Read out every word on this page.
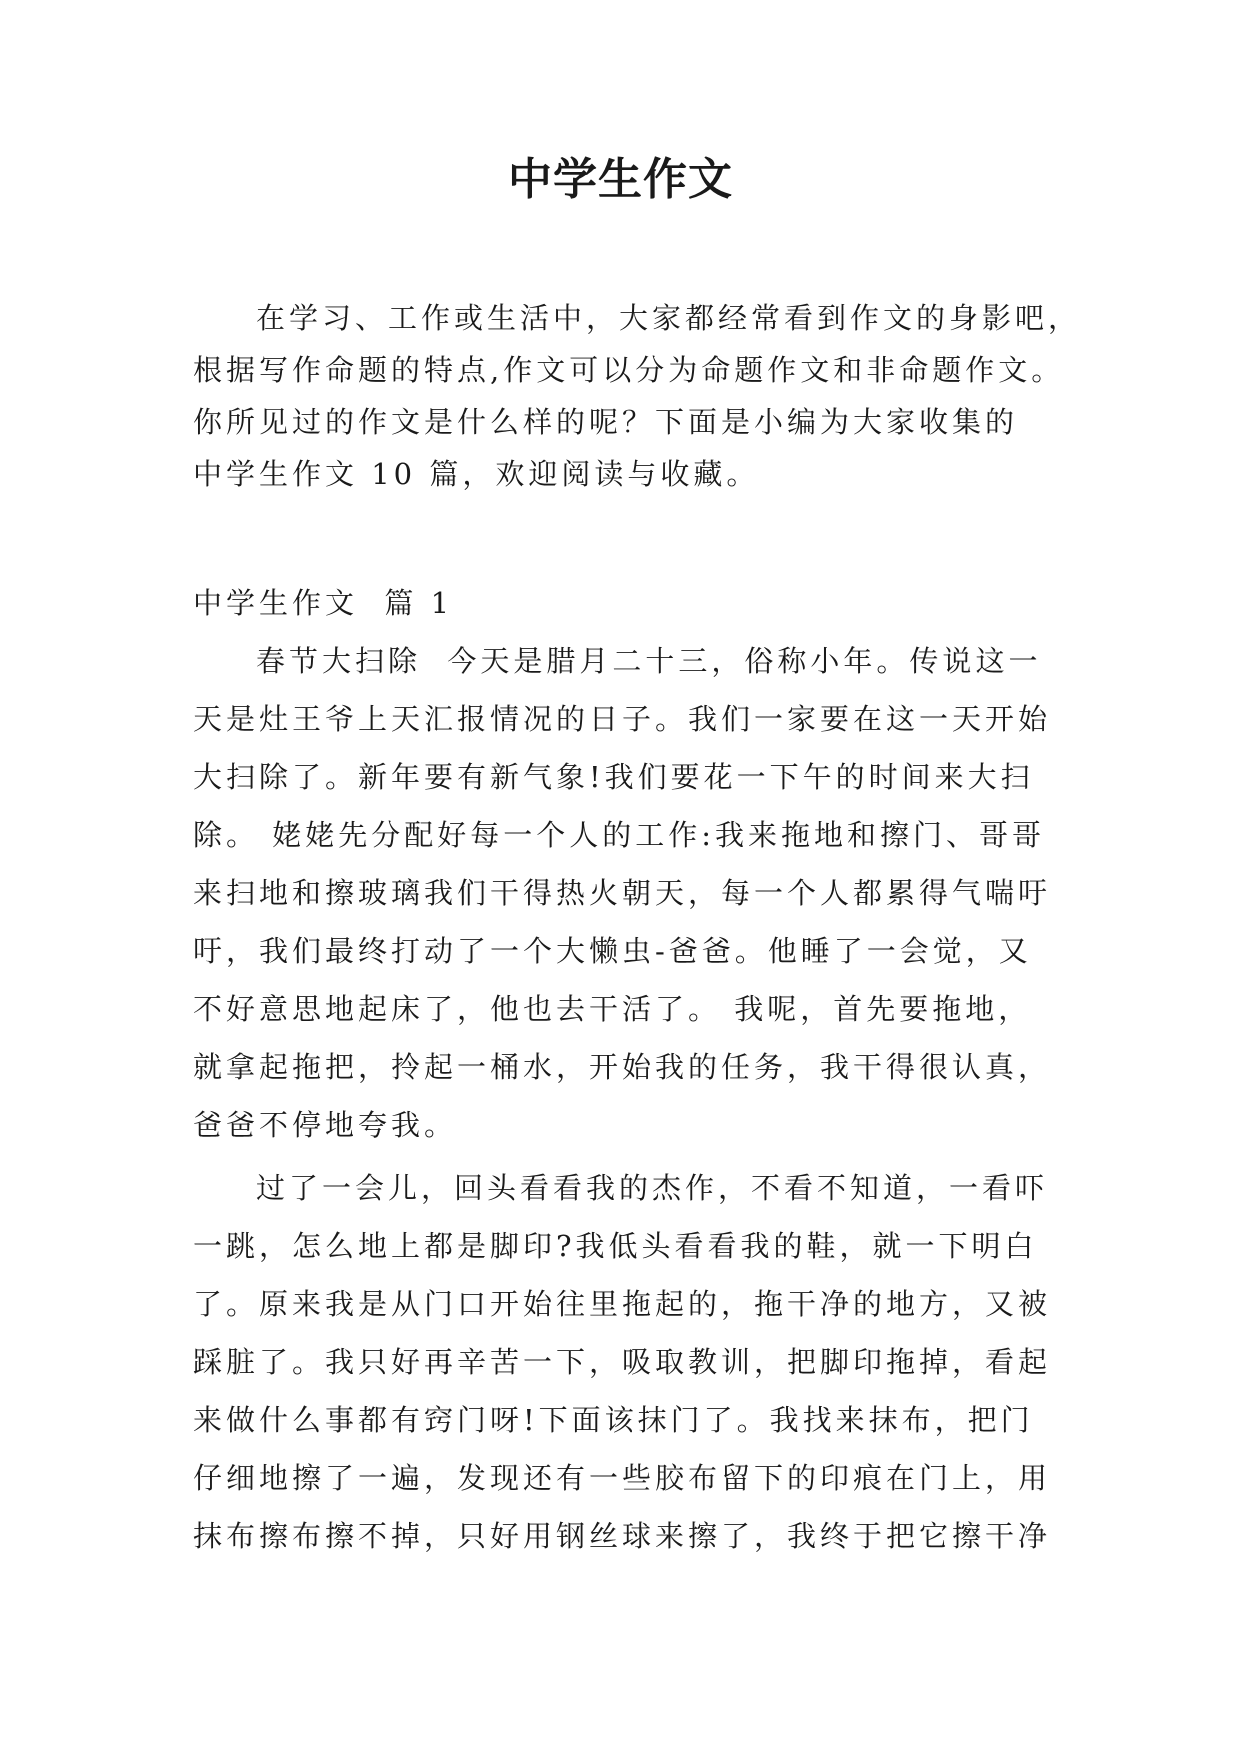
中学生作文

在学习、工作或生活中，大家都经常看到作文的身影吧，

根据写作命题的特点,作文可以分为命题作文和非命题作文。

你所见过的作文是什么样的呢？下面是小编为大家收集的

中学生作文 10 篇，欢迎阅读与收藏。

中学生作文  篇 1

春节大扫除  今天是腊月二十三，俗称小年。传说这一

天是灶王爷上天汇报情况的日子。我们一家要在这一天开始

大扫除了。新年要有新气象!我们要花一下午的时间来大扫

除。 姥姥先分配好每一个人的工作:我来拖地和擦门、哥哥

来扫地和擦玻璃我们干得热火朝天，每一个人都累得气喘吁

吁，我们最终打动了一个大懒虫-爸爸。他睡了一会觉，又

不好意思地起床了，他也去干活了。 我呢，首先要拖地，

就拿起拖把，拎起一桶水，开始我的任务，我干得很认真，

爸爸不停地夸我。

过了一会儿，回头看看我的杰作，不看不知道，一看吓

一跳，怎么地上都是脚印?我低头看看我的鞋，就一下明白

了。原来我是从门口开始往里拖起的，拖干净的地方，又被

踩脏了。我只好再辛苦一下，吸取教训，把脚印拖掉，看起

来做什么事都有窍门呀!下面该抹门了。我找来抹布，把门

仔细地擦了一遍，发现还有一些胶布留下的印痕在门上，用

抹布擦布擦不掉，只好用钢丝球来擦了，我终于把它擦干净
